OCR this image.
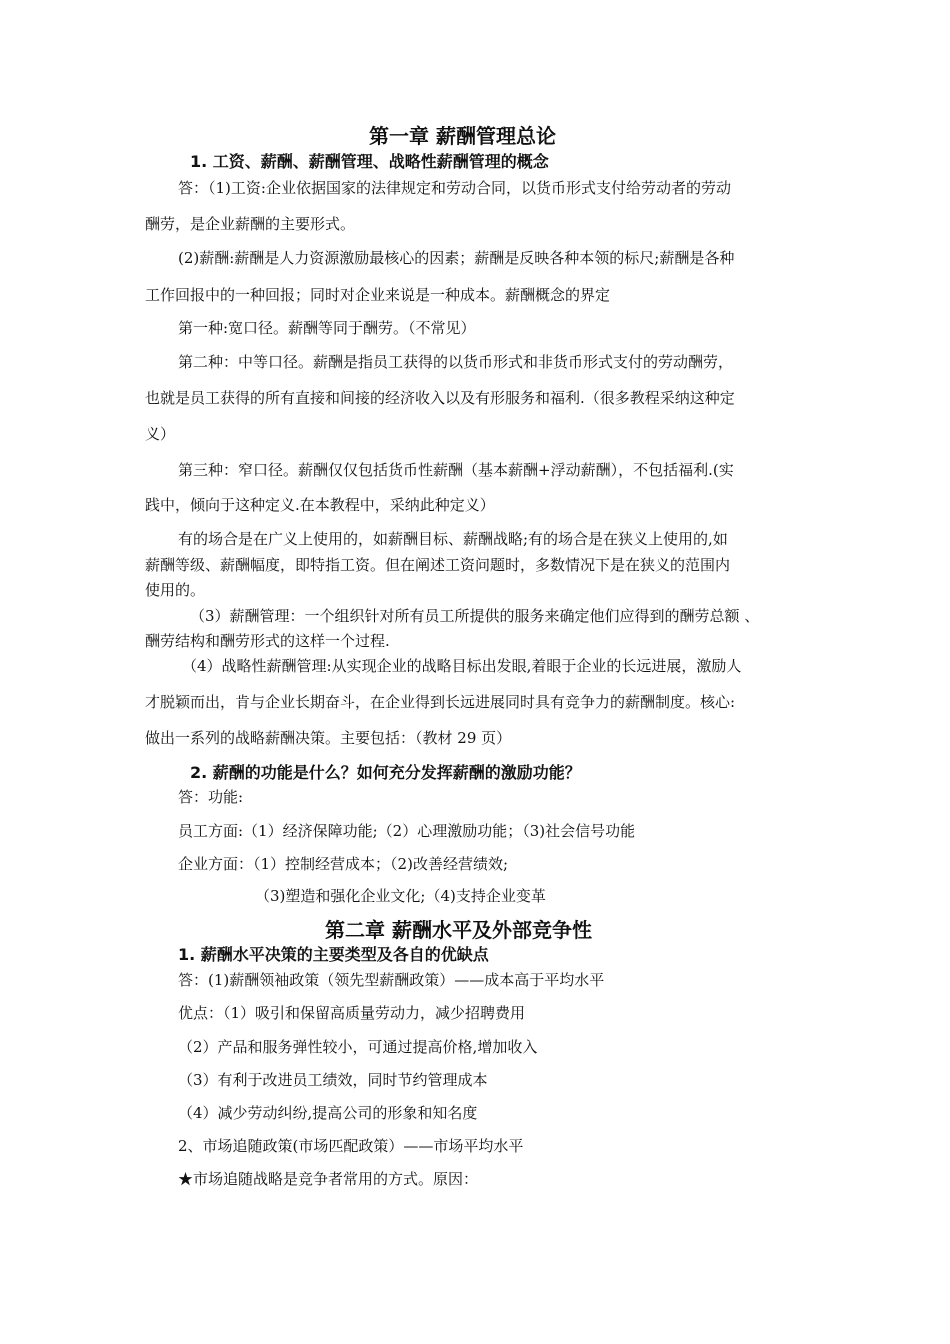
第一章 薪酬管理总论
1. 工资、薪酬、薪酬管理、战略性薪酬管理的概念
答：（1)工资:企业依据国家的法律规定和劳动合同，以货币形式支付给劳动者的劳动
酬劳，是企业薪酬的主要形式。
(2)薪酬:薪酬是人力资源激励最核心的因素；薪酬是反映各种本领的标尺;薪酬是各种
工作回报中的一种回报；同时对企业来说是一种成本。薪酬概念的界定
第一种:宽口径。薪酬等同于酬劳。（不常见）
第二种：中等口径。薪酬是指员工获得的以货币形式和非货币形式支付的劳动酬劳，
也就是员工获得的所有直接和间接的经济收入以及有形服务和福利.（很多教程采纳这种定
义）
第三种：窄口径。薪酬仅仅包括货币性薪酬（基本薪酬+浮动薪酬），不包括福利.(实
践中，倾向于这种定义.在本教程中，采纳此种定义）
有的场合是在广义上使用的，如薪酬目标、薪酬战略;有的场合是在狭义上使用的,如
薪酬等级、薪酬幅度，即特指工资。但在阐述工资问题时，多数情况下是在狭义的范围内
使用的。
（3）薪酬管理：一个组织针对所有员工所提供的服务来确定他们应得到的酬劳总额 、
酬劳结构和酬劳形式的这样一个过程.
（4）战略性薪酬管理:从实现企业的战略目标出发眼,着眼于企业的长远进展，激励人
才脱颖而出，肯与企业长期奋斗，在企业得到长远进展同时具有竞争力的薪酬制度。核心:
做出一系列的战略薪酬决策。主要包括：（教材 29 页）
2. 薪酬的功能是什么？如何充分发挥薪酬的激励功能？
答：功能:
员工方面:（1）经济保障功能;（2）心理激励功能；（3)社会信号功能
企业方面：（1）控制经营成本；（2)改善经营绩效;
（3)塑造和强化企业文化;（4)支持企业变革
第二章 薪酬水平及外部竞争性
1. 薪酬水平决策的主要类型及各自的优缺点
答：(1)薪酬领袖政策（领先型薪酬政策）——成本高于平均水平
优点：（1）吸引和保留高质量劳动力，减少招聘费用
（2）产品和服务弹性较小，可通过提高价格,增加收入
（3）有利于改进员工绩效，同时节约管理成本
（4）减少劳动纠纷,提高公司的形象和知名度
2、市场追随政策(市场匹配政策）——市场平均水平
★市场追随战略是竞争者常用的方式。原因：
